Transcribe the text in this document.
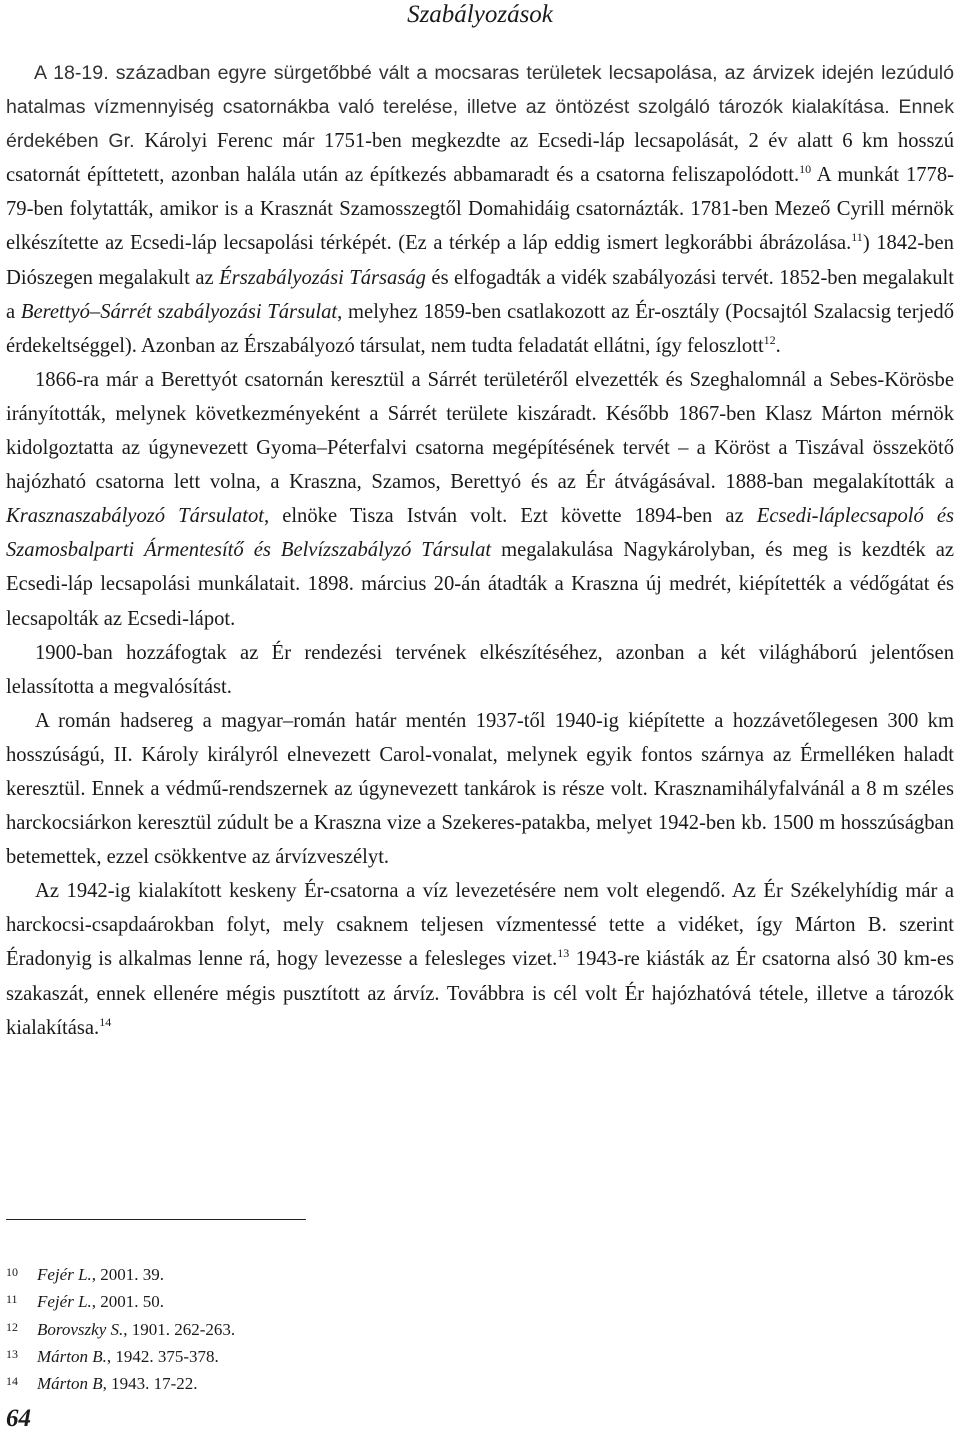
Szabályozások

A 18-19. században egyre sürgetőbbé vált a mocsaras területek lecsapolása, az árvizek idején lezúduló hatalmas vízmennyiség csatornákba való terelése, illetve az öntözést szolgáló tározók kialakítása. Ennek érdekében Gr. Károlyi Ferenc már 1751-ben megkezdte az Ecsedi-láp lecsapolását, 2 év alatt 6 km hosszú csatornát építtetett, azonban halála után az építkezés abbamaradt és a csatorna feliszapolódott.$^{10}$ A munkát 1778-79-ben folytatták, amikor is a Krasznát Szamosszegtől Domahidáig csatornázták. 1781-ben Mezeő Cyrill mérnök elkészítette az Ecsedi-láp lecsapolási térképét. (Ez a térkép a láp eddig ismert legkorábbi ábrázolása.$^{11}$) 1842-ben Diószegen megalakult az Érszabályozási Társaság és elfogadták a vidék szabályozási tervét. 1852-ben megalakult a Berettyó–Sárrét szabályozási Társulat, melyhez 1859-ben csatlakozott az Ér-osztály (Pocsajtól Szalacsig terjedő érdekeltséggel). Azonban az Érszabályozó társulat, nem tudta feladatát ellátni, így feloszlott$^{12}$.

1866-ra már a Berettyót csatornán keresztül a Sárrét területéről elvezették és Szeghalomnál a Sebes-Körösbe irányították, melynek következményeként a Sárrét területe kiszáradt. Később 1867-ben Klasz Márton mérnök kidolgoztatta az úgynevezett Gyoma–Péterfalvi csatorna megépítésének tervét – a Köröst a Tiszával összekötő hajózható csatorna lett volna, a Kraszna, Szamos, Berettyó és az Ér átvágásával. 1888-ban megalakították a Krasznaszabályozó Társulatot, elnöke Tisza István volt. Ezt követte 1894-ben az Ecsedi-láplecsapoló és Szamosbalparti Ármentesítő és Belvízszabályzó Társulat megalakulása Nagykárolyban, és meg is kezdték az Ecsedi-láp lecsapolási munkálatait. 1898. március 20-án átadták a Kraszna új medrét, kiépítették a védőgátat és lecsapolták az Ecsedi-lápot.

1900-ban hozzáfogtak az Ér rendezési tervének elkészítéséhez, azonban a két világháború jelentősen lelassította a megvalósítást.

A román hadsereg a magyar–román határ mentén 1937-től 1940-ig kiépítette a hozzávetőlegesen 300 km hosszúságú, II. Károly királyról elnevezett Carol-vonalat, melynek egyik fontos szárnya az Érmelléken haladt keresztül. Ennek a védmű-rendszernek az úgynevezett tankárok is része volt. Krasznamihályfalvánál a 8 m széles harckocsiárkon keresztül zúdult be a Kraszna vize a Szekeres-patakba, melyet 1942-ben kb. 1500 m hosszúságban betemettek, ezzel csökkentve az árvízveszélyt.

Az 1942-ig kialakított keskeny Ér-csatorna a víz levezetésére nem volt elegendő. Az Ér Székelyhídig már a harckocsi-csapdaárokban folyt, mely csaknem teljesen vízmentessé tette a vidéket, így Márton B. szerint Éradonyig is alkalmas lenne rá, hogy levezesse a felesleges vizet.$^{13}$ 1943-re kiásták az Ér csatorna alsó 30 km-es szakaszát, ennek ellenére mégis pusztított az árvíz. Továbbra is cél volt Ér hajózhatóvá tétele, illetve a tározók kialakítása.$^{14}$

10	Fejér L. , 2001. 39.
11	Fejér L. , 2001. 50.
12	Borovszky S. , 1901. 262-263.
13	Márton B. , 1942. 375-378.
14	Márton B , 1943. 17-22.
64
